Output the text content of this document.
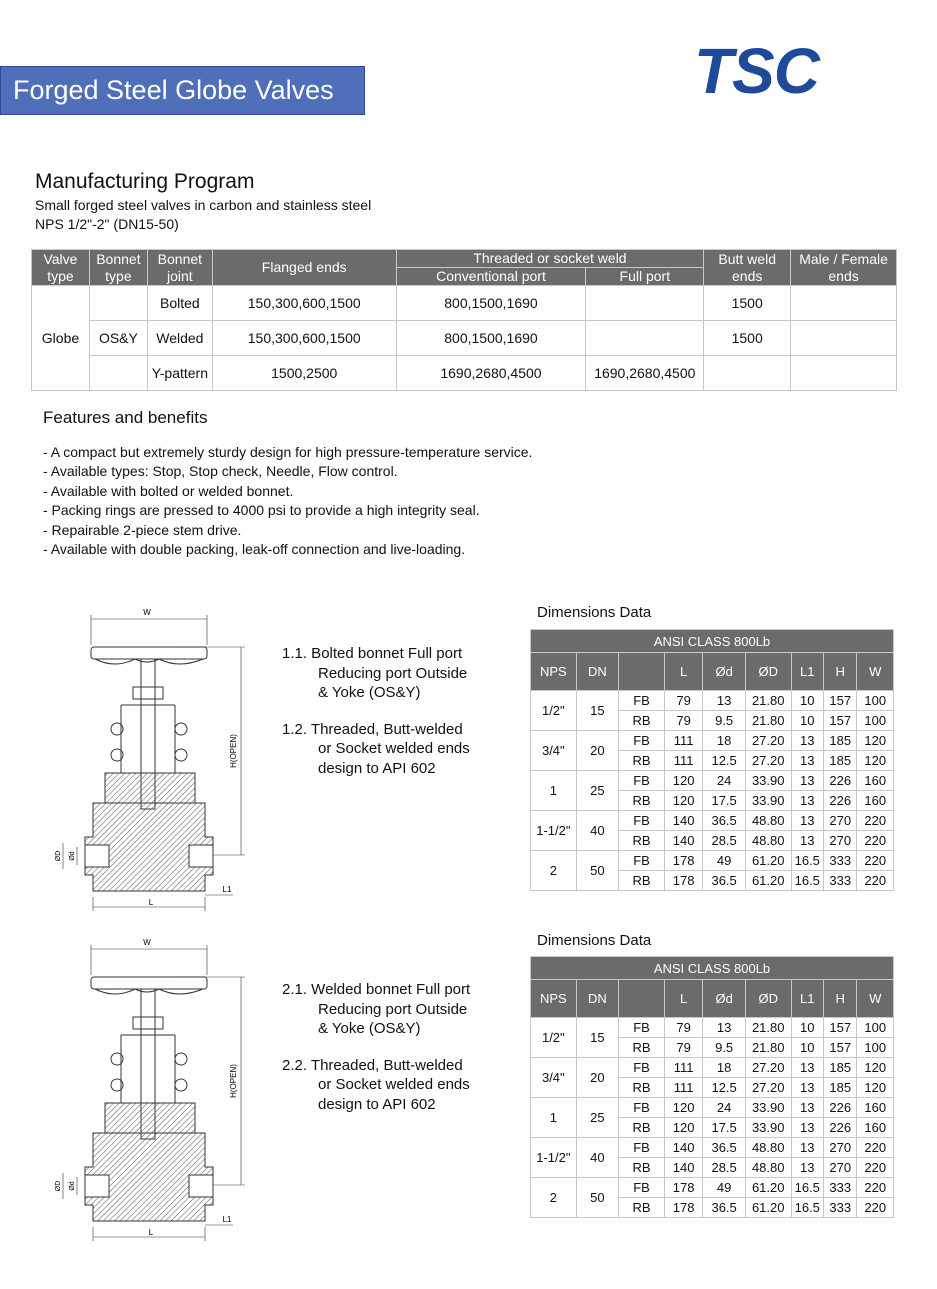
Forged Steel Globe Valves	TSC
Manufacturing Program
Small forged steel valves in carbon and stainless steel
NPS 1/2"-2" (DN15-50)
Valve type	Bonnet type	Bonnet joint	Flanged ends	Threaded or socket weld		Butt weld ends	Male / Female ends
				Conventional port	Full port		
Globe		Bolted	150,300,600,1500	800,1500,1690		1500	
	OS&Y	Welded	150,300,600,1500	800,1500,1690		1500	
		Y-pattern	1500,2500	1690,2680,4500	1690,2680,4500		
Features and benefits
- A compact but extremely sturdy design for high pressure-temperature service.
- Available types: Stop, Stop check, Needle, Flow control.
- Available with bolted or welded bonnet.
- Packing rings are pressed to 4000 psi to provide a high integrity seal.
- Repairable 2-piece stem drive.
- Available with double packing, leak-off connection and live-loading.
W
H(OPEN)
ØD Ød
L
L1
W
H(OPEN)
ØD Ød
L
L1
1.1. Bolted bonnet Full port
Reducing port Outside
& Yoke (OS&Y)
1.2. Threaded, Butt-welded
or Socket welded ends
design to API 602
2.1. Welded bonnet Full port
Reducing port Outside
& Yoke (OS&Y)
2.2. Threaded, Butt-welded
or Socket welded ends
design to API 602
Dimensions Data
ANSI CLASS 800Lb								
NPS	DN		L	Ød	ØD	L1	H	W
1/2"	15	FB	79	13	21.80	10	157	100
		RB	79	9.5	21.80	10	157	100
3/4"	20	FB	111	18	27.20	13	185	120
		RB	111	12.5	27.20	13	185	120
1	25	FB	120	24	33.90	13	226	160
		RB	120	17.5	33.90	13	226	160
1-1/2"	40	FB	140	36.5	48.80	13	270	220
		RB	140	28.5	48.80	13	270	220
2	50	FB	178	49	61.20	16.5	333	220
		RB	178	36.5	61.20	16.5	333	220
Dimensions Data
ANSI CLASS 800Lb								
NPS	DN		L	Ød	ØD	L1	H	W
1/2"	15	FB	79	13	21.80	10	157	100
		RB	79	9.5	21.80	10	157	100
3/4"	20	FB	111	18	27.20	13	185	120
		RB	111	12.5	27.20	13	185	120
1	25	FB	120	24	33.90	13	226	160
		RB	120	17.5	33.90	13	226	160
1-1/2"	40	FB	140	36.5	48.80	13	270	220
		RB	140	28.5	48.80	13	270	220
2	50	FB	178	49	61.20	16.5	333	220
		RB	178	36.5	61.20	16.5	333	220
